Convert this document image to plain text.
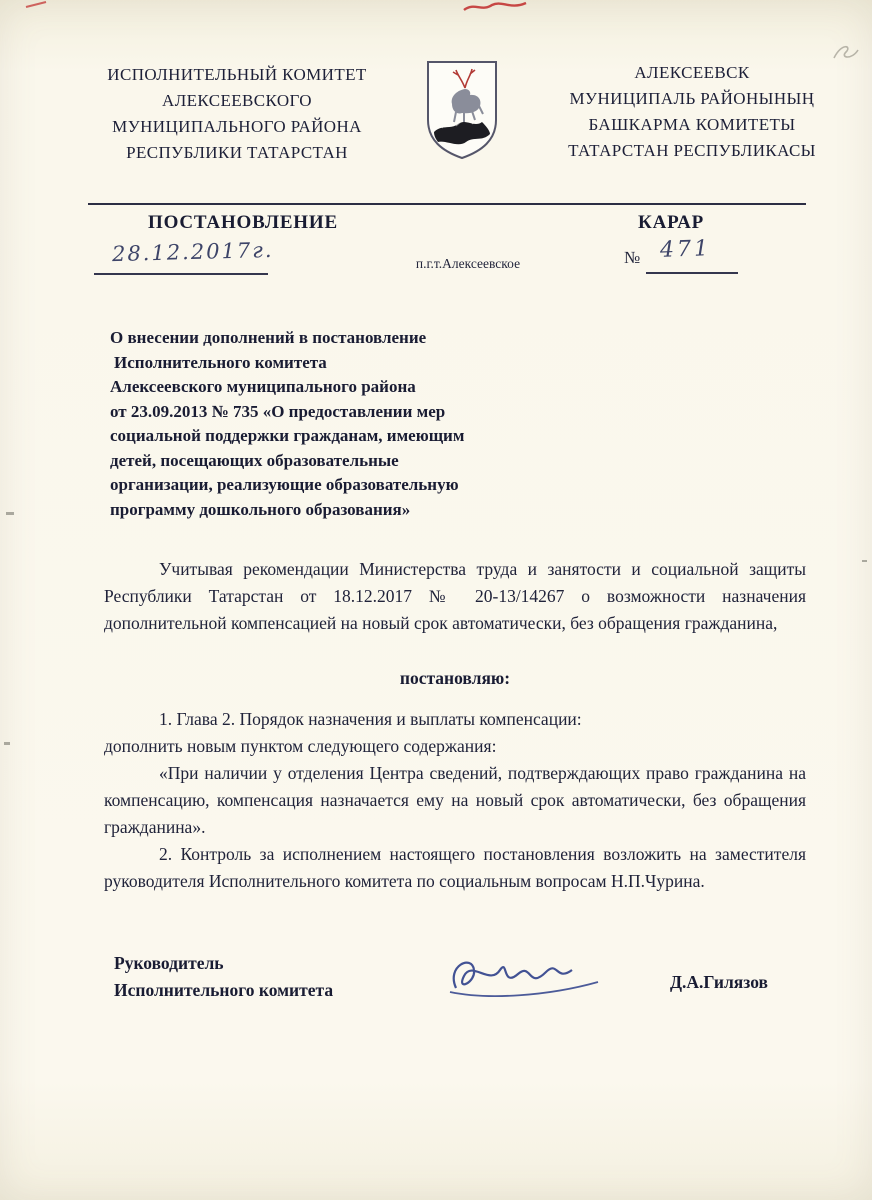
ИСПОЛНИТЕЛЬНЫЙ КОМИТЕТ
АЛЕКСЕЕВСКОГО
МУНИЦИПАЛЬНОГО РАЙОНА
РЕСПУБЛИКИ ТАТАРСТАН
АЛЕКСЕЕВСК
МУНИЦИПАЛЬ РАЙОНЫНЫҢ
БАШКАРМА КОМИТЕТЫ
ТАТАРСТАН РЕСПУБЛИКАСЫ
ПОСТАНОВЛЕНИЕ	КАРАР
28.12.2017г.	п.г.т.Алексеевское	№ 471
О внесении дополнений в постановление
Исполнительного комитета
Алексеевского муниципального района
от 23.09.2013 № 735 «О предоставлении мер
социальной поддержки гражданам, имеющим
детей, посещающих образовательные
организации, реализующие образовательную
программу дошкольного образования»
Учитывая рекомендации Министерства труда и занятости и социальной защиты Республики Татарстан от 18.12.2017 № 20-13/14267 о возможности назначения дополнительной компенсацией на новый срок автоматически, без обращения гражданина,
постановляю:
1. Глава 2. Порядок назначения и выплаты компенсации:
дополнить новым пунктом следующего содержания:
«При наличии у отделения Центра сведений, подтверждающих право гражданина на компенсацию, компенсация назначается ему на новый срок автоматически, без обращения гражданина».
2. Контроль за исполнением настоящего постановления возложить на заместителя руководителя Исполнительного комитета по социальным вопросам Н.П.Чурина.
Руководитель
Исполнительного комитета	Д.А.Гилязов
